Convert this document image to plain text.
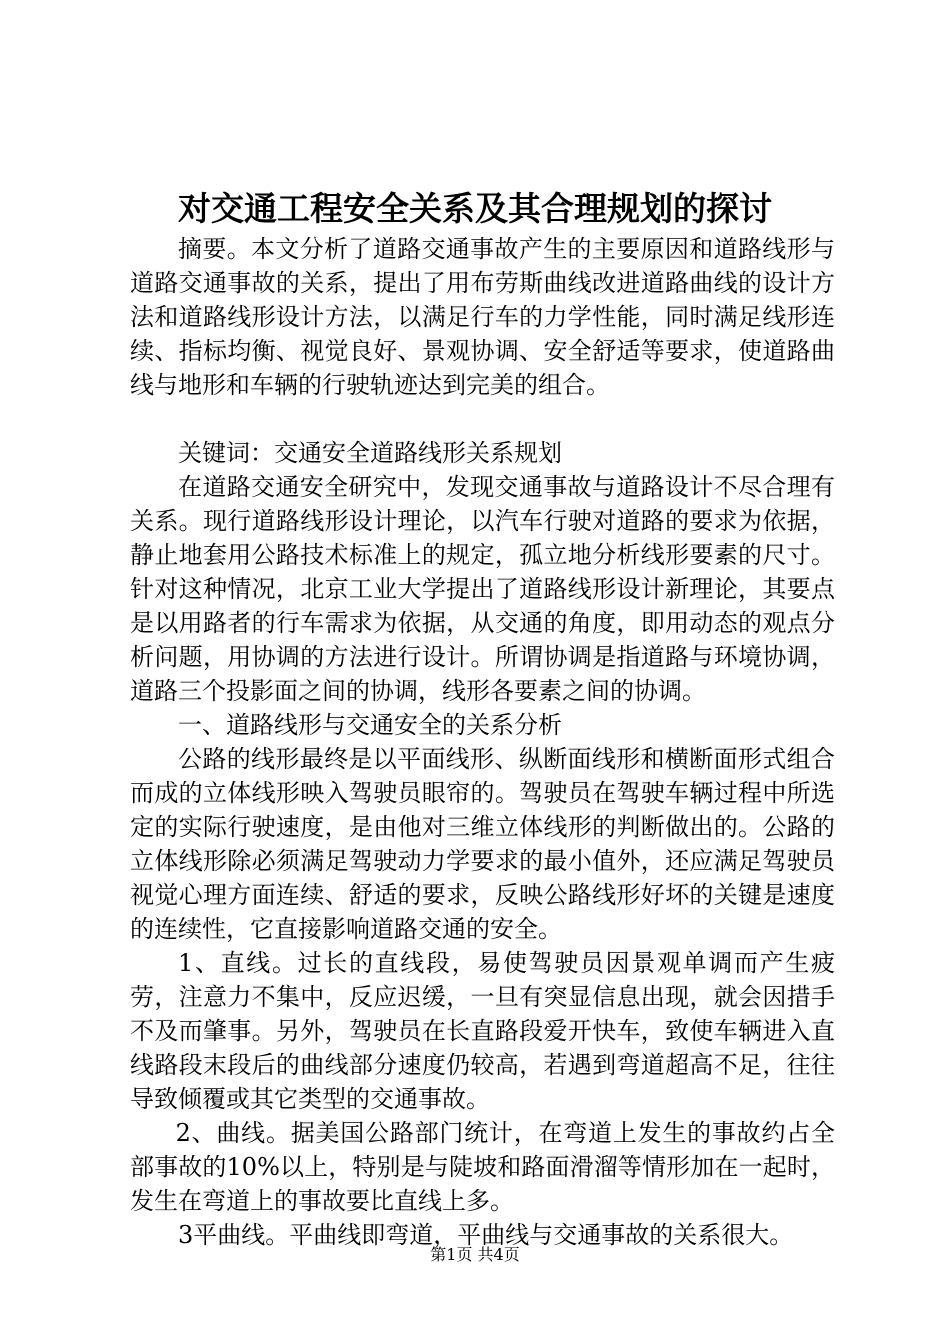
对交通工程安全关系及其合理规划的探讨

摘要。本文分析了道路交通事故产生的主要原因和道路线形与道路交通事故的关系，提出了用布劳斯曲线改进道路曲线的设计方法和道路线形设计方法，以满足行车的力学性能，同时满足线形连续、指标均衡、视觉良好、景观协调、安全舒适等要求，使道路曲线与地形和车辆的行驶轨迹达到完美的组合。

关键词：交通安全道路线形关系规划

在道路交通安全研究中，发现交通事故与道路设计不尽合理有关系。现行道路线形设计理论，以汽车行驶对道路的要求为依据，静止地套用公路技术标准上的规定，孤立地分析线形要素的尺寸。针对这种情况，北京工业大学提出了道路线形设计新理论，其要点是以用路者的行车需求为依据，从交通的角度，即用动态的观点分析问题，用协调的方法进行设计。所谓协调是指道路与环境协调，道路三个投影面之间的协调，线形各要素之间的协调。

一、道路线形与交通安全的关系分析

公路的线形最终是以平面线形、纵断面线形和横断面形式组合而成的立体线形映入驾驶员眼帘的。驾驶员在驾驶车辆过程中所选定的实际行驶速度，是由他对三维立体线形的判断做出的。公路的立体线形除必须满足驾驶动力学要求的最小值外，还应满足驾驶员视觉心理方面连续、舒适的要求，反映公路线形好坏的关键是速度的连续性，它直接影响道路交通的安全。

1、直线。过长的直线段，易使驾驶员因景观单调而产生疲劳，注意力不集中，反应迟缓，一旦有突显信息出现，就会因措手不及而肇事。另外，驾驶员在长直路段爱开快车，致使车辆进入直线路段末段后的曲线部分速度仍较高，若遇到弯道超高不足，往往导致倾覆或其它类型的交通事故。

2、曲线。据美国公路部门统计，在弯道上发生的事故约占全部事故的10%以上，特别是与陡坡和路面滑溜等情形加在一起时，发生在弯道上的事故要比直线上多。

3平曲线。平曲线即弯道，平曲线与交通事故的关系很大。

第1页 共4页
